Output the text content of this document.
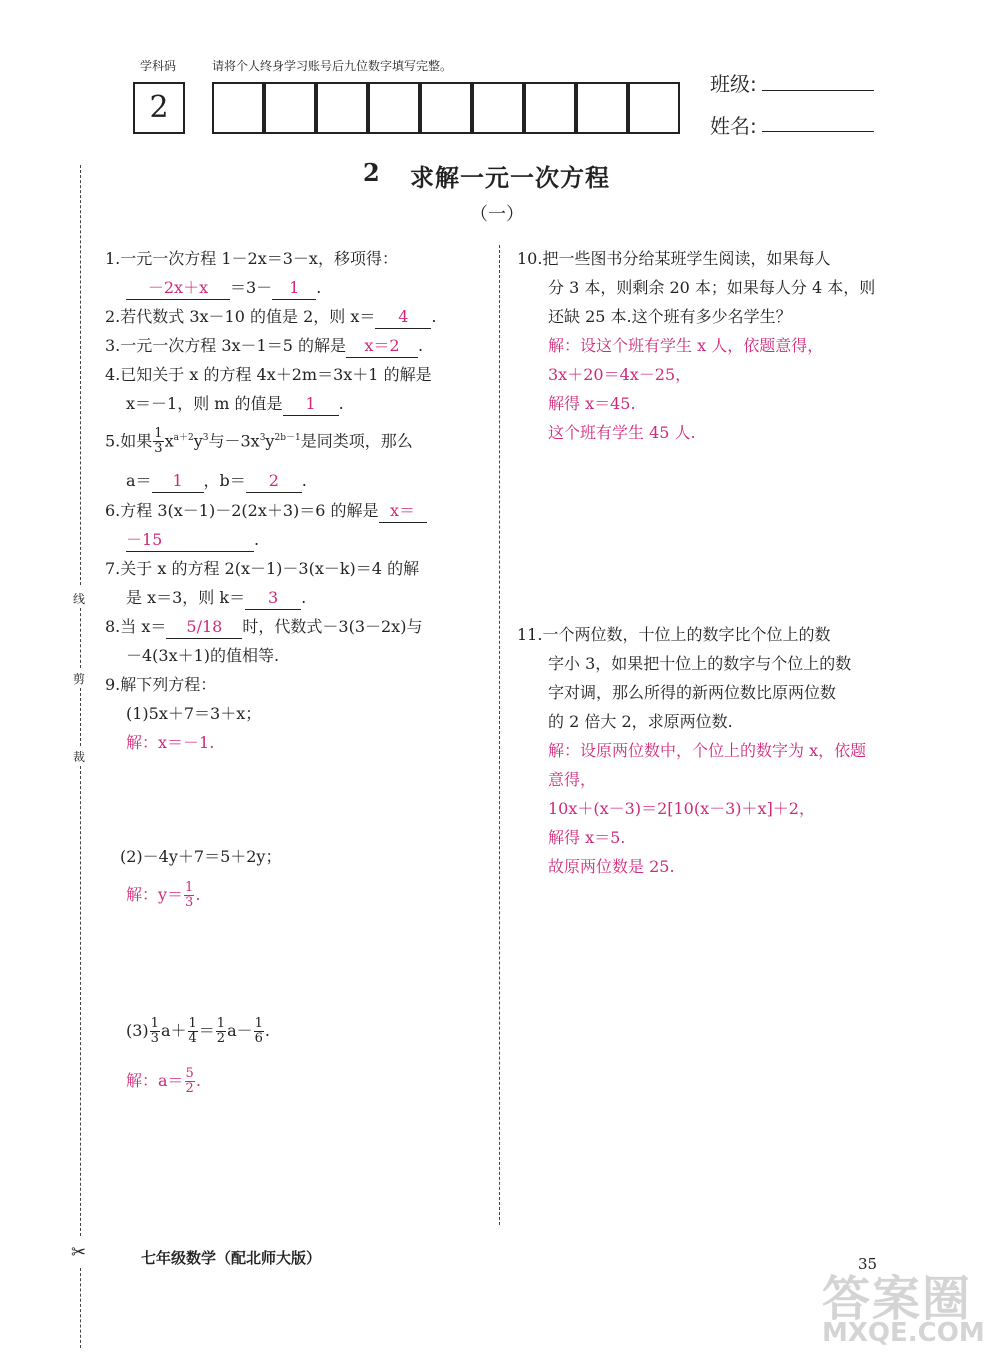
学科码
2
请将个人终身学习账号后九位数字填写完整。
班级:
姓名:
2 求解一元一次方程
（一）
线
剪
裁
✂
1.一元一次方程 1－2x＝3－x，移项得：
－2x＋x ＝3－ 1 .
2.若代数式 3x－10 的值是 2，则 x＝ 4 .
3.一元一次方程 3x－1＝5 的解是 x＝2 .
4.已知关于 x 的方程 4x＋2m＝3x＋1 的解是
x＝－1，则 m 的值是 1 .
5.如果 $\frac{1}{3} x^{a+2}y^3$与$-3x^3y^{2b-1}$是同类项，那么
a＝ 1 ，b＝ 2 .
6.方程 3(x－1)－2(2x＋3)＝6 的解是 x＝
－15	.
7.关于 x 的方程 2(x－1)－3(x－k)＝4 的解
是 x＝3，则 k＝ 3 .
8.当 x＝ 5/18 时，代数式－3(3－2x)与
－4(3x＋1)的值相等.
9.解下列方程：
(1)5x＋7＝3＋x；
解：x＝－1.
(2)－4y＋7＝5＋2y；
解：$y= \frac{1}{3}$ .
$(3) \frac{1}{3} a+ \frac{1}{4} = \frac{1}{2} a- \frac{1}{6}$ .
解：$a= \frac{5}{2}$ .
10.把一些图书分给某班学生阅读，如果每人
分 3 本，则剩余 20 本；如果每人分 4 本，则
还缺 25 本.这个班有多少名学生？
解：设这个班有学生 x 人，依题意得，
3x＋20＝4x－25，
解得 x＝45.
这个班有学生 45 人.
11.一个两位数，十位上的数字比个位上的数
字小 3，如果把十位上的数字与个位上的数
字对调，那么所得的新两位数比原两位数
的 2 倍大 2，求原两位数.
解：设原两位数中，个位上的数字为 x，依题
意得，
10x＋(x－3)＝2[10(x－3)＋x]＋2，
解得 x＝5.
故原两位数是 25.
七年级数学（配北师大版）	35
答案圈
MXQE.COM
